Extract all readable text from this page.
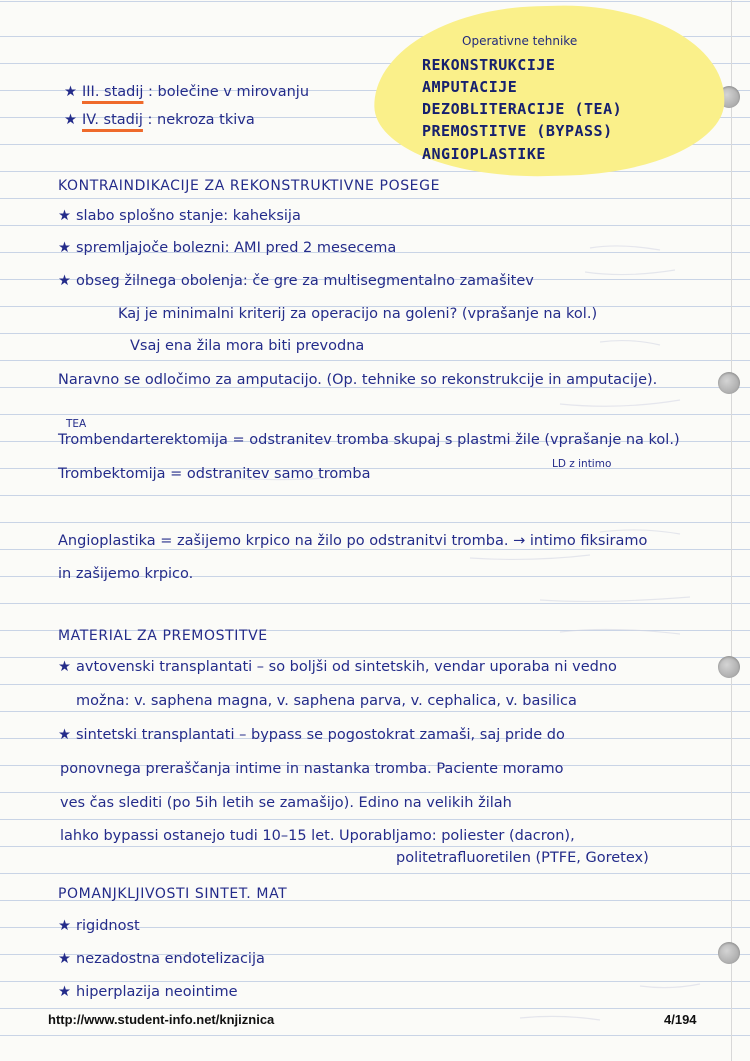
Operativne tehnike
REKONSTRUKCIJE
AMPUTACIJE
DEZOBLITERACIJE (TEA)
PREMOSTITVE (BYPASS)
ANGIOPLASTIKE
★ III. stadij : bolečine v mirovanju
★ IV. stadij : nekroza tkiva
KONTRAINDIKACIJE ZA REKONSTRUKTIVNE POSEGE
★ slabo splošno stanje: kaheksija
★ spremljajoče bolezni: AMI pred 2 mesecema
★ obseg žilnega obolenja: če gre za multisegmentalno zamašitev
Kaj je minimalni kriterij za operacijo na goleni? (vprašanje na kol.)
Vsaj ena žila mora biti prevodna
Naravno se odločimo za amputacijo. (Op. tehnike so rekonstrukcije in amputacije).
TEA
Trombendarterektomija = odstranitev tromba skupaj s plastmi žile (vprašanje na kol.)
LD z intimo
Trombektomija = odstranitev samo tromba
Angioplastika = zašijemo krpico na žilo po odstranitvi tromba. → intimo fiksiramo
in zašijemo krpico.
MATERIAL ZA PREMOSTITVE
★ avtovenski transplantati – so boljši od sintetskih, vendar uporaba ni vedno
možna: v. saphena magna, v. saphena parva, v. cephalica, v. basilica
★ sintetski transplantati – bypass se pogostokrat zamaši, saj pride do
ponovnega preraščanja intime in nastanka tromba. Paciente moramo
ves čas slediti (po 5ih letih se zamašijo). Edino na velikih žilah
lahko bypassi ostanejo tudi 10–15 let. Uporabljamo: poliester (dacron),
politetrafluoretilen (PTFE, Goretex)
POMANJKLJIVOSTI SINTET. MAT
★ rigidnost
★ nezadostna endotelizacija
★ hiperplazija neointime
http://www.student-info.net/knjiznica	4/194
